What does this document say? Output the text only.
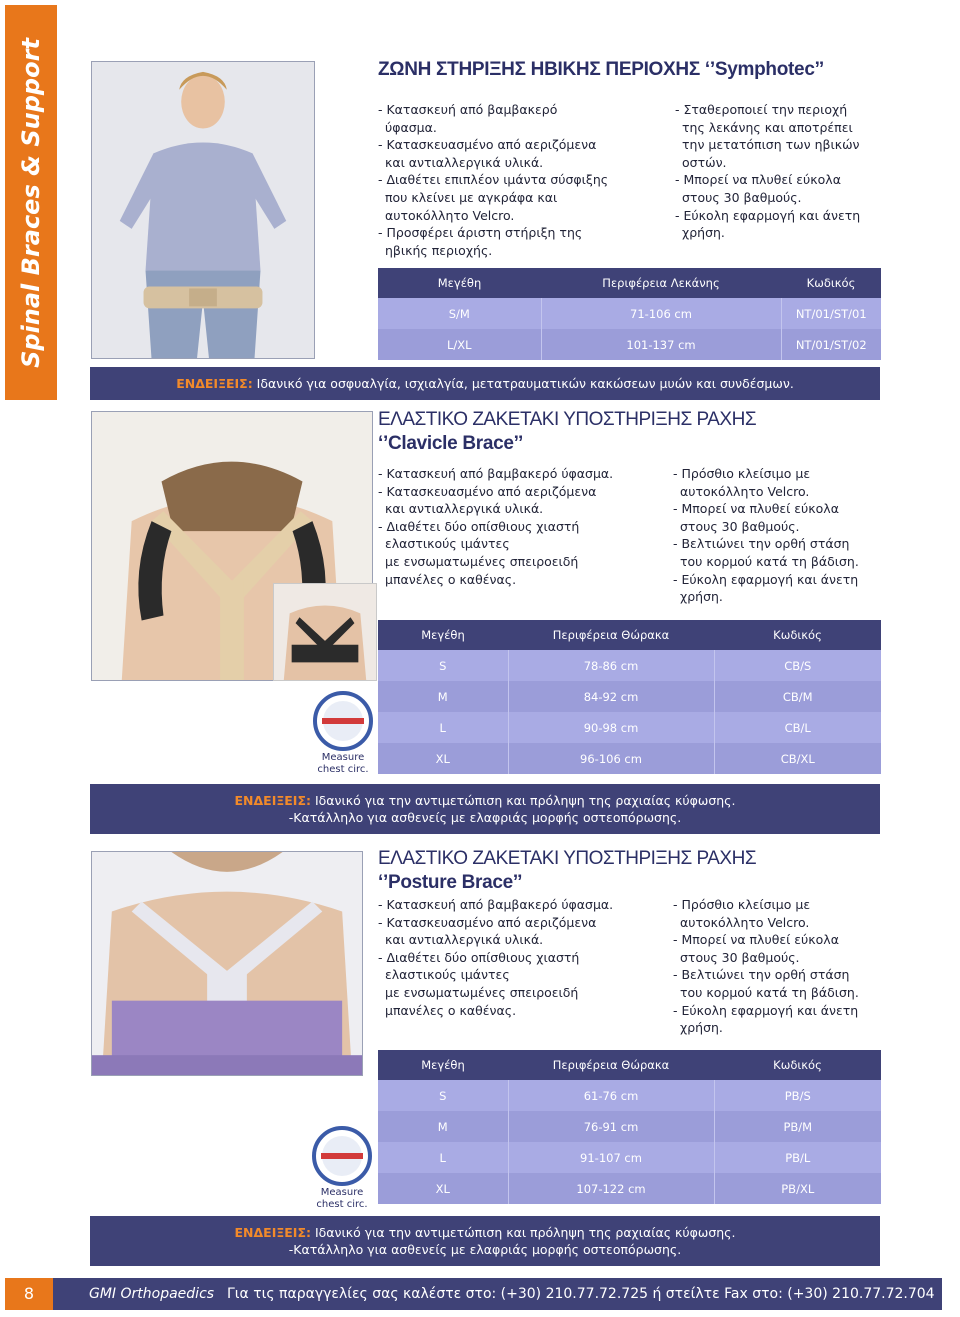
Spinal Braces & Support	ΖΩΝΗ ΣΤΗΡΙΞΗΣ ΗΒΙΚΗΣ ΠΕΡΙΟΧΗΣ ‘’Symphotec’’
- Κατασκευή από βαμβακερό
ύφασμα.
- Κατασκευασμένο από αεριζόμενα
και αντιαλλεργικά υλικά.
- Διαθέτει επιπλέον ιμάντα σύσφιξης
που κλείνει με αγκράφα και
αυτοκόλλητο Velcro.
- Προσφέρει άριστη στήριξη της
ηβικής περιοχής.
- Σταθεροποιεί την περιοχή
της λεκάνης και αποτρέπει
την μετατόπιση των ηβικών
οστών.
- Μπορεί να πλυθεί εύκολα
στους 30 βαθμούς.
- Εύκολη εφαρμογή και άνετη
χρήση.
Μεγέθη	Περιφέρεια Λεκάνης	Κωδικός
S/M	71-106 cm	NT/01/ST/01
L/XL	101-137 cm	NT/01/ST/02
ΕΝΔΕΙΞΕΙΣ: Ιδανικό για οσφυαλγία, ισχιαλγία, μετατραυματικών κακώσεων μυών και συνδέσμων.
ΕΛΑΣΤΙΚΟ ΖΑΚΕΤΑΚΙ ΥΠΟΣΤΗΡΙΞΗΣ ΡΑΧΗΣ
‘’Clavicle Brace’’
- Κατασκευή από βαμβακερό ύφασμα.
- Κατασκευασμένο από αεριζόμενα
και αντιαλλεργικά υλικά.
- Διαθέτει δύο οπίσθιους χιαστή
ελαστικούς ιμάντες
με ενσωματωμένες σπειροειδή
μπανέλες ο καθένας.
- Πρόσθιο κλείσιμο με
αυτοκόλλητο Velcro.
- Μπορεί να πλυθεί εύκολα
στους 30 βαθμούς.
- Βελτιώνει την ορθή στάση
του κορμού κατά τη βάδιση.
- Εύκολη εφαρμογή και άνετη
χρήση.
Measure
chest circ.
Μεγέθη	Περιφέρεια Θώρακα	Κωδικός
S	78-86 cm	CB/S
M	84-92 cm	CB/M
L	90-98 cm	CB/L
XL	96-106 cm	CB/XL
ΕΝΔΕΙΞΕΙΣ: Ιδανικό για την αντιμετώπιση και πρόληψη της ραχιαίας κύφωσης.
-Κατάλληλο για ασθενείς με ελαφριάς μορφής οστεοπόρωσης.
ΕΛΑΣΤΙΚΟ ΖΑΚΕΤΑΚΙ ΥΠΟΣΤΗΡΙΞΗΣ ΡΑΧΗΣ
‘’Posture Brace’’
- Κατασκευή από βαμβακερό ύφασμα.
- Κατασκευασμένο από αεριζόμενα
και αντιαλλεργικά υλικά.
- Διαθέτει δύο οπίσθιους χιαστή
ελαστικούς ιμάντες
με ενσωματωμένες σπειροειδή
μπανέλες ο καθένας.
- Πρόσθιο κλείσιμο με
αυτοκόλλητο Velcro.
- Μπορεί να πλυθεί εύκολα
στους 30 βαθμούς.
- Βελτιώνει την ορθή στάση
του κορμού κατά τη βάδιση.
- Εύκολη εφαρμογή και άνετη
χρήση.
Measure
chest circ.
Μεγέθη	Περιφέρεια Θώρακα	Κωδικός
S	61-76 cm	PB/S
M	76-91 cm	PB/M
L	91-107 cm	PB/L
XL	107-122 cm	PB/XL
ΕΝΔΕΙΞΕΙΣ: Ιδανικό για την αντιμετώπιση και πρόληψη της ραχιαίας κύφωσης.
-Κατάλληλο για ασθενείς με ελαφριάς μορφής οστεοπόρωσης.
8	GMI Orthopaedics Για τις παραγγελίες σας καλέστε στο: (+30) 210.77.72.725 ή στείλτε Fax στο: (+30) 210.77.72.704
